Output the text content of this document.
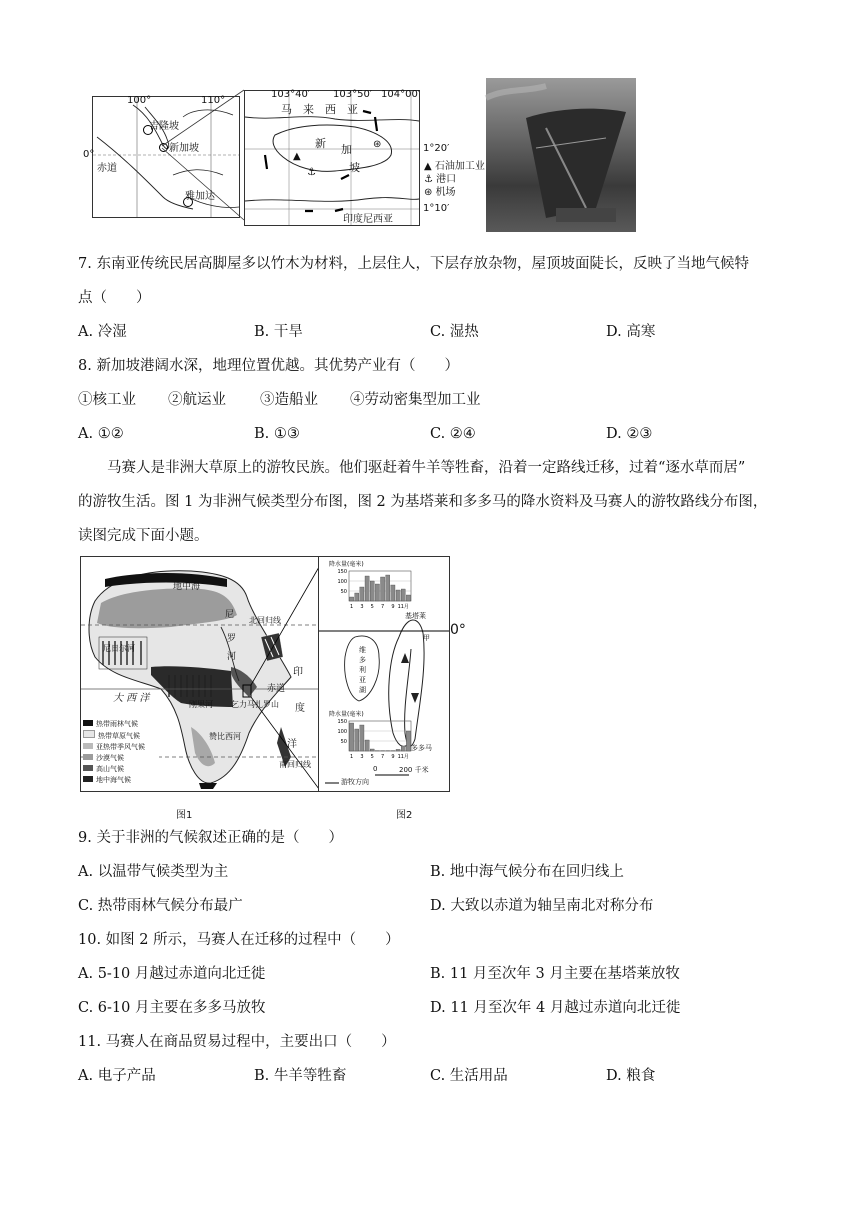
100°	110°
0°
赤道
吉隆坡
新加坡
雅加达
103°40′ 103°50′ 104°00′
马　来　西　亚
新 加
坡
1°20′
1°10′
印度尼西亚
▲
⚓
⊛
▲ 石油加工业
⚓ 港口
⊛ 机场
7. 东南亚传统民居高脚屋多以竹木为材料，上层住人，下层存放杂物，屋顶坡面陡长，反映了当地气候特
点（　　）
A. 冷湿	B. 干旱	C. 湿热	D. 高寒
8. 新加坡港阔水深，地理位置优越。其优势产业有（　　）
①核工业 ②航运业 ③造船业 ④劳动密集型加工业
A. ①②	B. ①③	C. ②④	D. ②③
马赛人是非洲大草原上的游牧民族。他们驱赶着牛羊等牲畜，沿着一定路线迁移，过着“逐水草而居”
的游牧生活。图 1 为非洲气候类型分布图，图 2 为基塔莱和多多马的降水资料及马赛人的游牧路线分布图，
读图完成下面小题。
地中海
尼
罗
河
北回归线
尼日尔河
印
大 西 洋
刚果河
赤道
乞力马扎罗山 度
洋
赞比西河
南回归线
热带雨林气候
热带草原气候
亚热带季风气候
沙漠气候
高山气候
地中海气候
图1
维
多
利
亚
湖
基塔莱
甲
多多马
0	200 千米
游牧方向
降水量(毫米)
150
100
50
1 3 5 7 9 11月
降水量(毫米)
150
100
50
1 3 5 7 9 11月
0°
图2
9. 关于非洲的气候叙述正确的是（　　）
A. 以温带气候类型为主	B. 地中海气候分布在回归线上
C. 热带雨林气候分布最广	D. 大致以赤道为轴呈南北对称分布
10. 如图 2 所示，马赛人在迁移的过程中（　　）
A. 5-10 月越过赤道向北迁徙	B. 11 月至次年 3 月主要在基塔莱放牧
C. 6-10 月主要在多多马放牧	D. 11 月至次年 4 月越过赤道向北迁徙
11. 马赛人在商品贸易过程中，主要出口（　　）
A. 电子产品	B. 牛羊等牲畜	C. 生活用品	D. 粮食
